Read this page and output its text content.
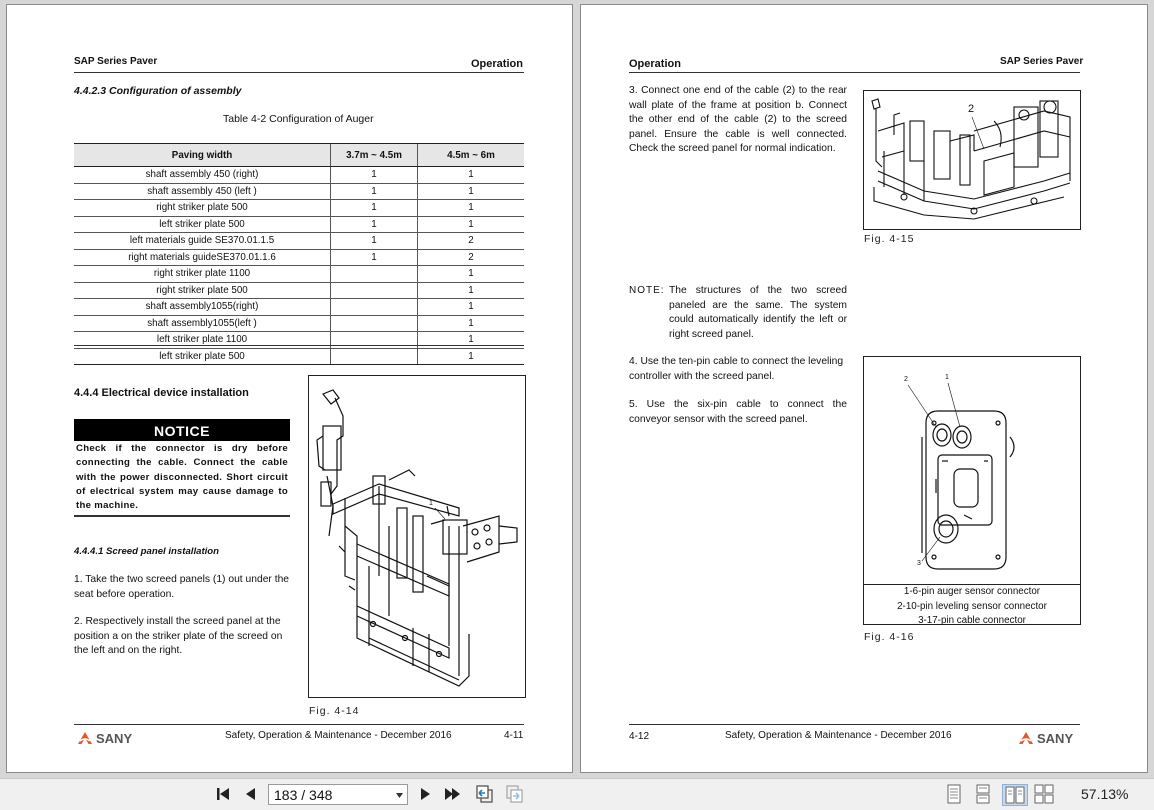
SAP Series Paver	Operation
4.4.2.3 Configuration of assembly
Table 4-2 Configuration of Auger
Paving width	3.7m ~ 4.5m	4.5m ~ 6m
shaft assembly 450 (right)	1	1
shaft assembly 450 (left )	1	1
right striker plate 500	1	1
left striker plate 500	1	1
left materials guide SE370.01.1.5	1	2
right materials guideSE370.01.1.6	1	2
right striker plate 1100		1
right striker plate 500		1
shaft assembly1055(right)		1
shaft assembly1055(left )		1
left striker plate 1100		1
left striker plate 500		1
4.4.4 Electrical device installation
NOTICE
Check if the connector is dry before connecting the cable. Connect the cable with the power disconnected. Short circuit of electrical system may cause damage to the machine.
4.4.4.1 Screed panel installation
1. Take the two screed panels (1) out under the seat before operation.
2. Respectively install the screed panel at the position a on the striker plate of the screed on the left and on the right.
1
Fig. 4-14
SANY	Safety, Operation & Maintenance - December 2016	4-11
Operation	SAP Series Paver
3. Connect one end of the cable (2) to the rear wall plate of the frame at position b. Connect the other end of the cable (2) to the screed panel. Ensure the cable is well connected. Check the screed panel for normal indication.
2
Fig. 4-15
NOTE: The structures of the two screed paneled are the same. The system could automatically identify the left or right screed panel.
4. Use the ten-pin cable to connect the leveling controller with the screed panel.
5. Use the six-pin cable to connect the conveyor sensor with the screed panel.
2	1
3
1-6-pin auger sensor connector
2-10-pin leveling sensor connector
3-17-pin cable connector
Fig. 4-16
4-12	Safety, Operation & Maintenance - December 2016	SANY
183 / 348	57.13%
